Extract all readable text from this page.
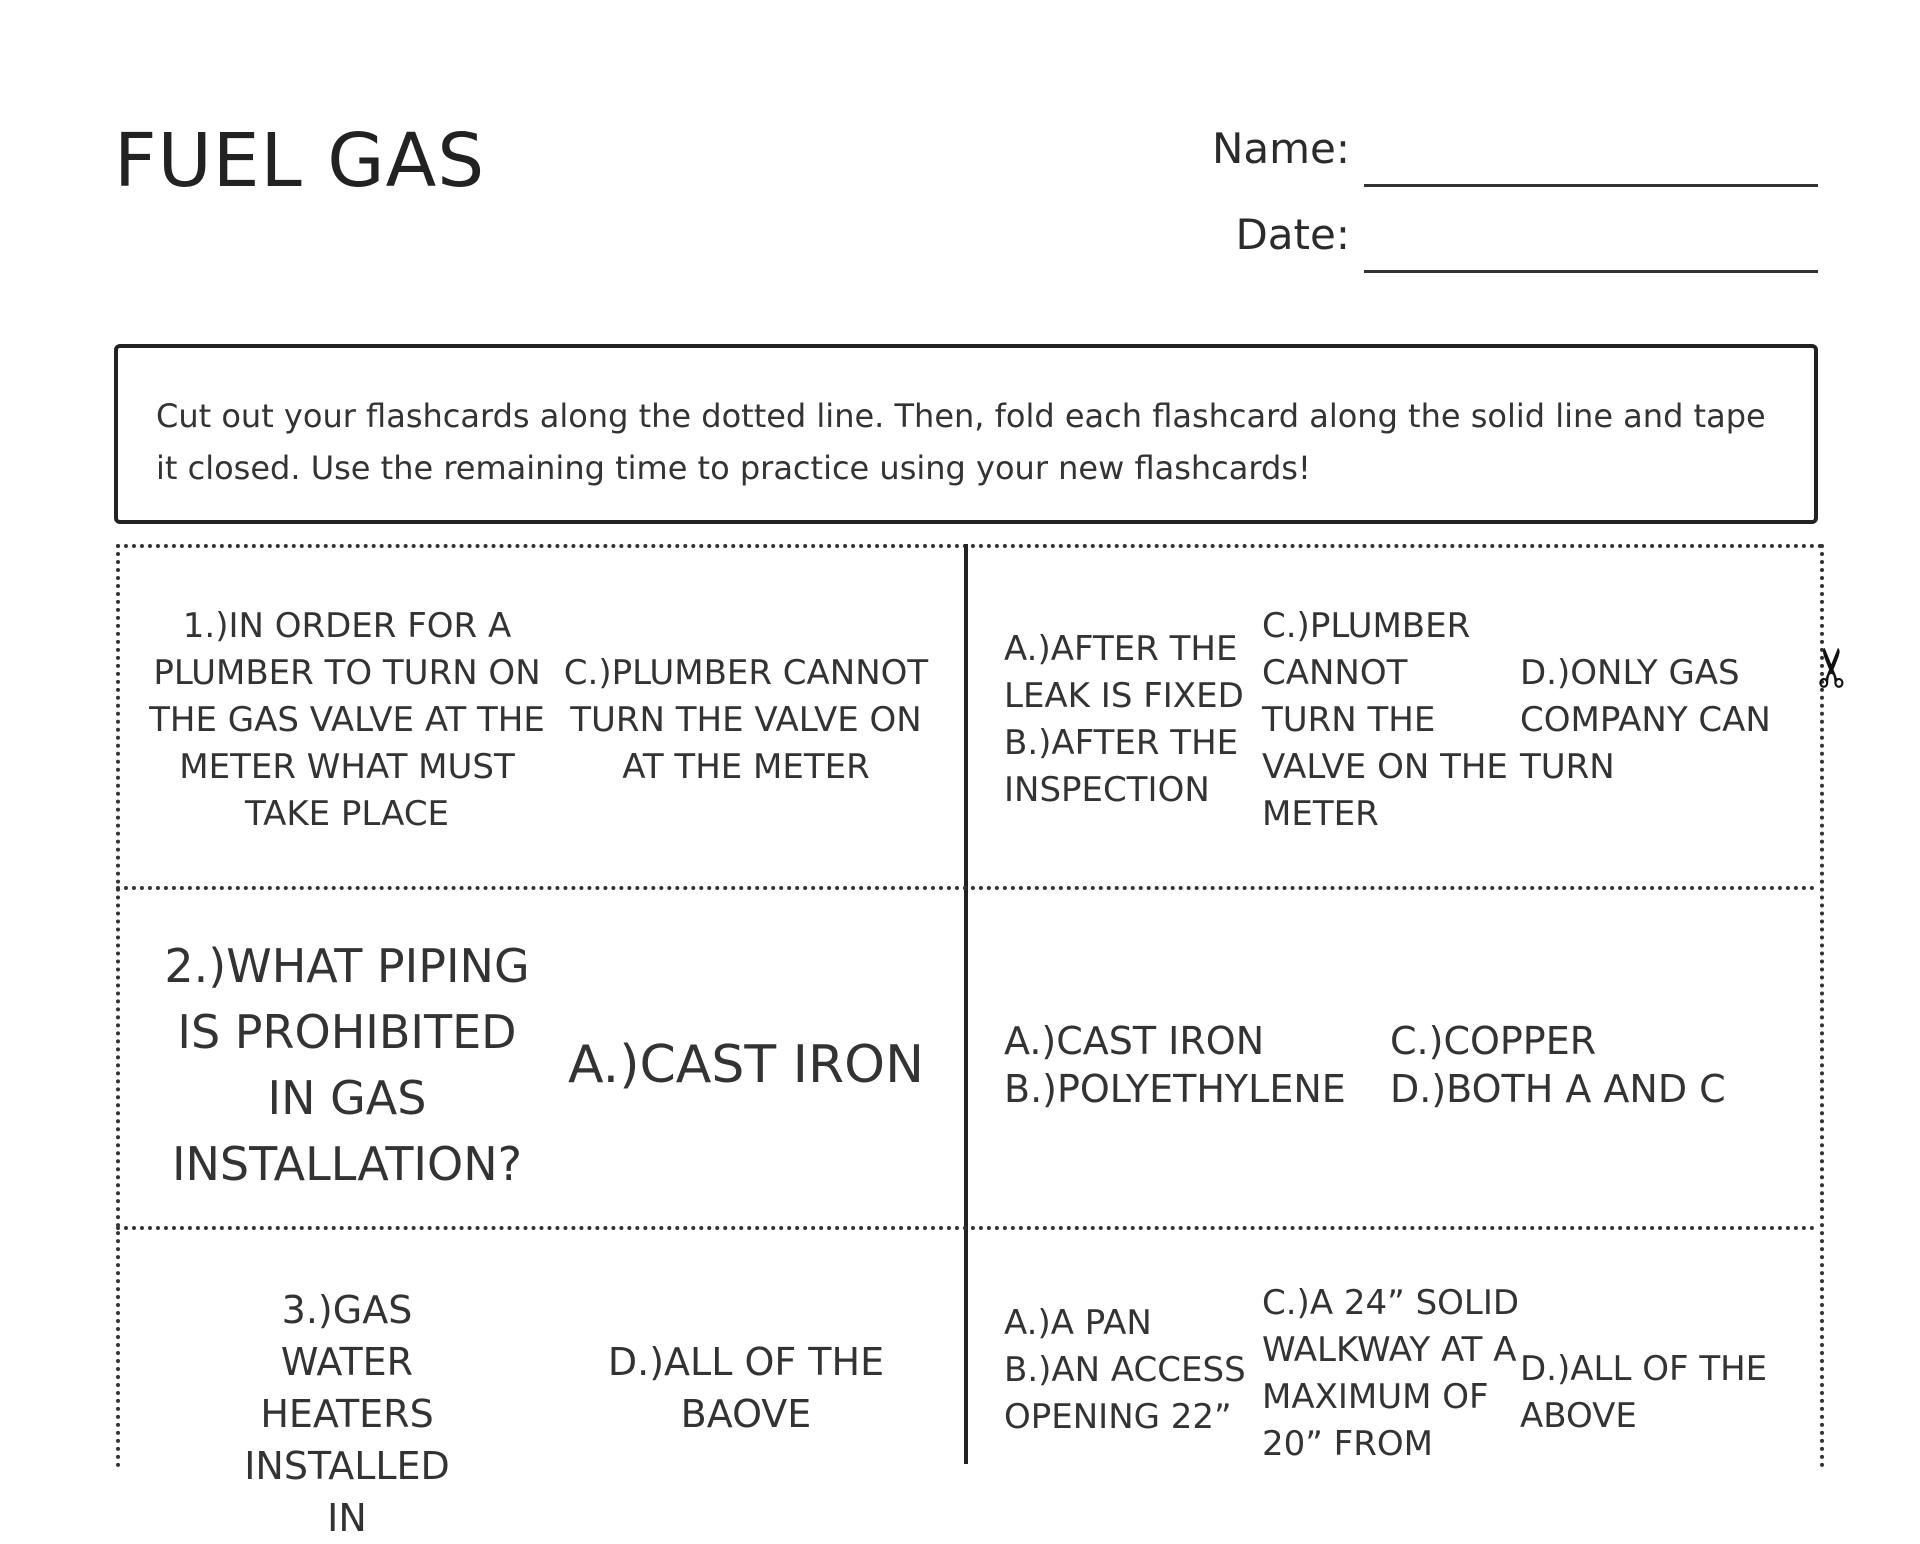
FUEL GAS	Name:
Date:
Cut out your flashcards along the dotted line. Then, fold each flashcard along the solid line and tape it closed. Use the remaining time to practice using your new flashcards!
✂
1.)IN ORDER FOR A PLUMBER TO TURN ON THE GAS VALVE AT THE METER WHAT MUST TAKE PLACE
C.)PLUMBER CANNOT TURN THE VALVE ON AT THE METER
A.)AFTER THE LEAK IS FIXED B.)AFTER THE INSPECTION
C.)PLUMBER CANNOT TURN THE VALVE ON THE METER
D.)ONLY GAS COMPANY CAN TURN
2.)WHAT PIPING IS PROHIBITED IN GAS INSTALLATION?
A.)CAST IRON A.)CAST IRON B.)POLYETHYLENE
C.)COPPER D.)BOTH A AND C
3.)GAS WATER HEATERS INSTALLED IN
D.)ALL OF THE BAOVE
A.)A PAN B.)AN ACCESS OPENING 22”
C.)A 24” SOLID WALKWAY AT A MAXIMUM OF 20” FROM
D.)ALL OF THE ABOVE
